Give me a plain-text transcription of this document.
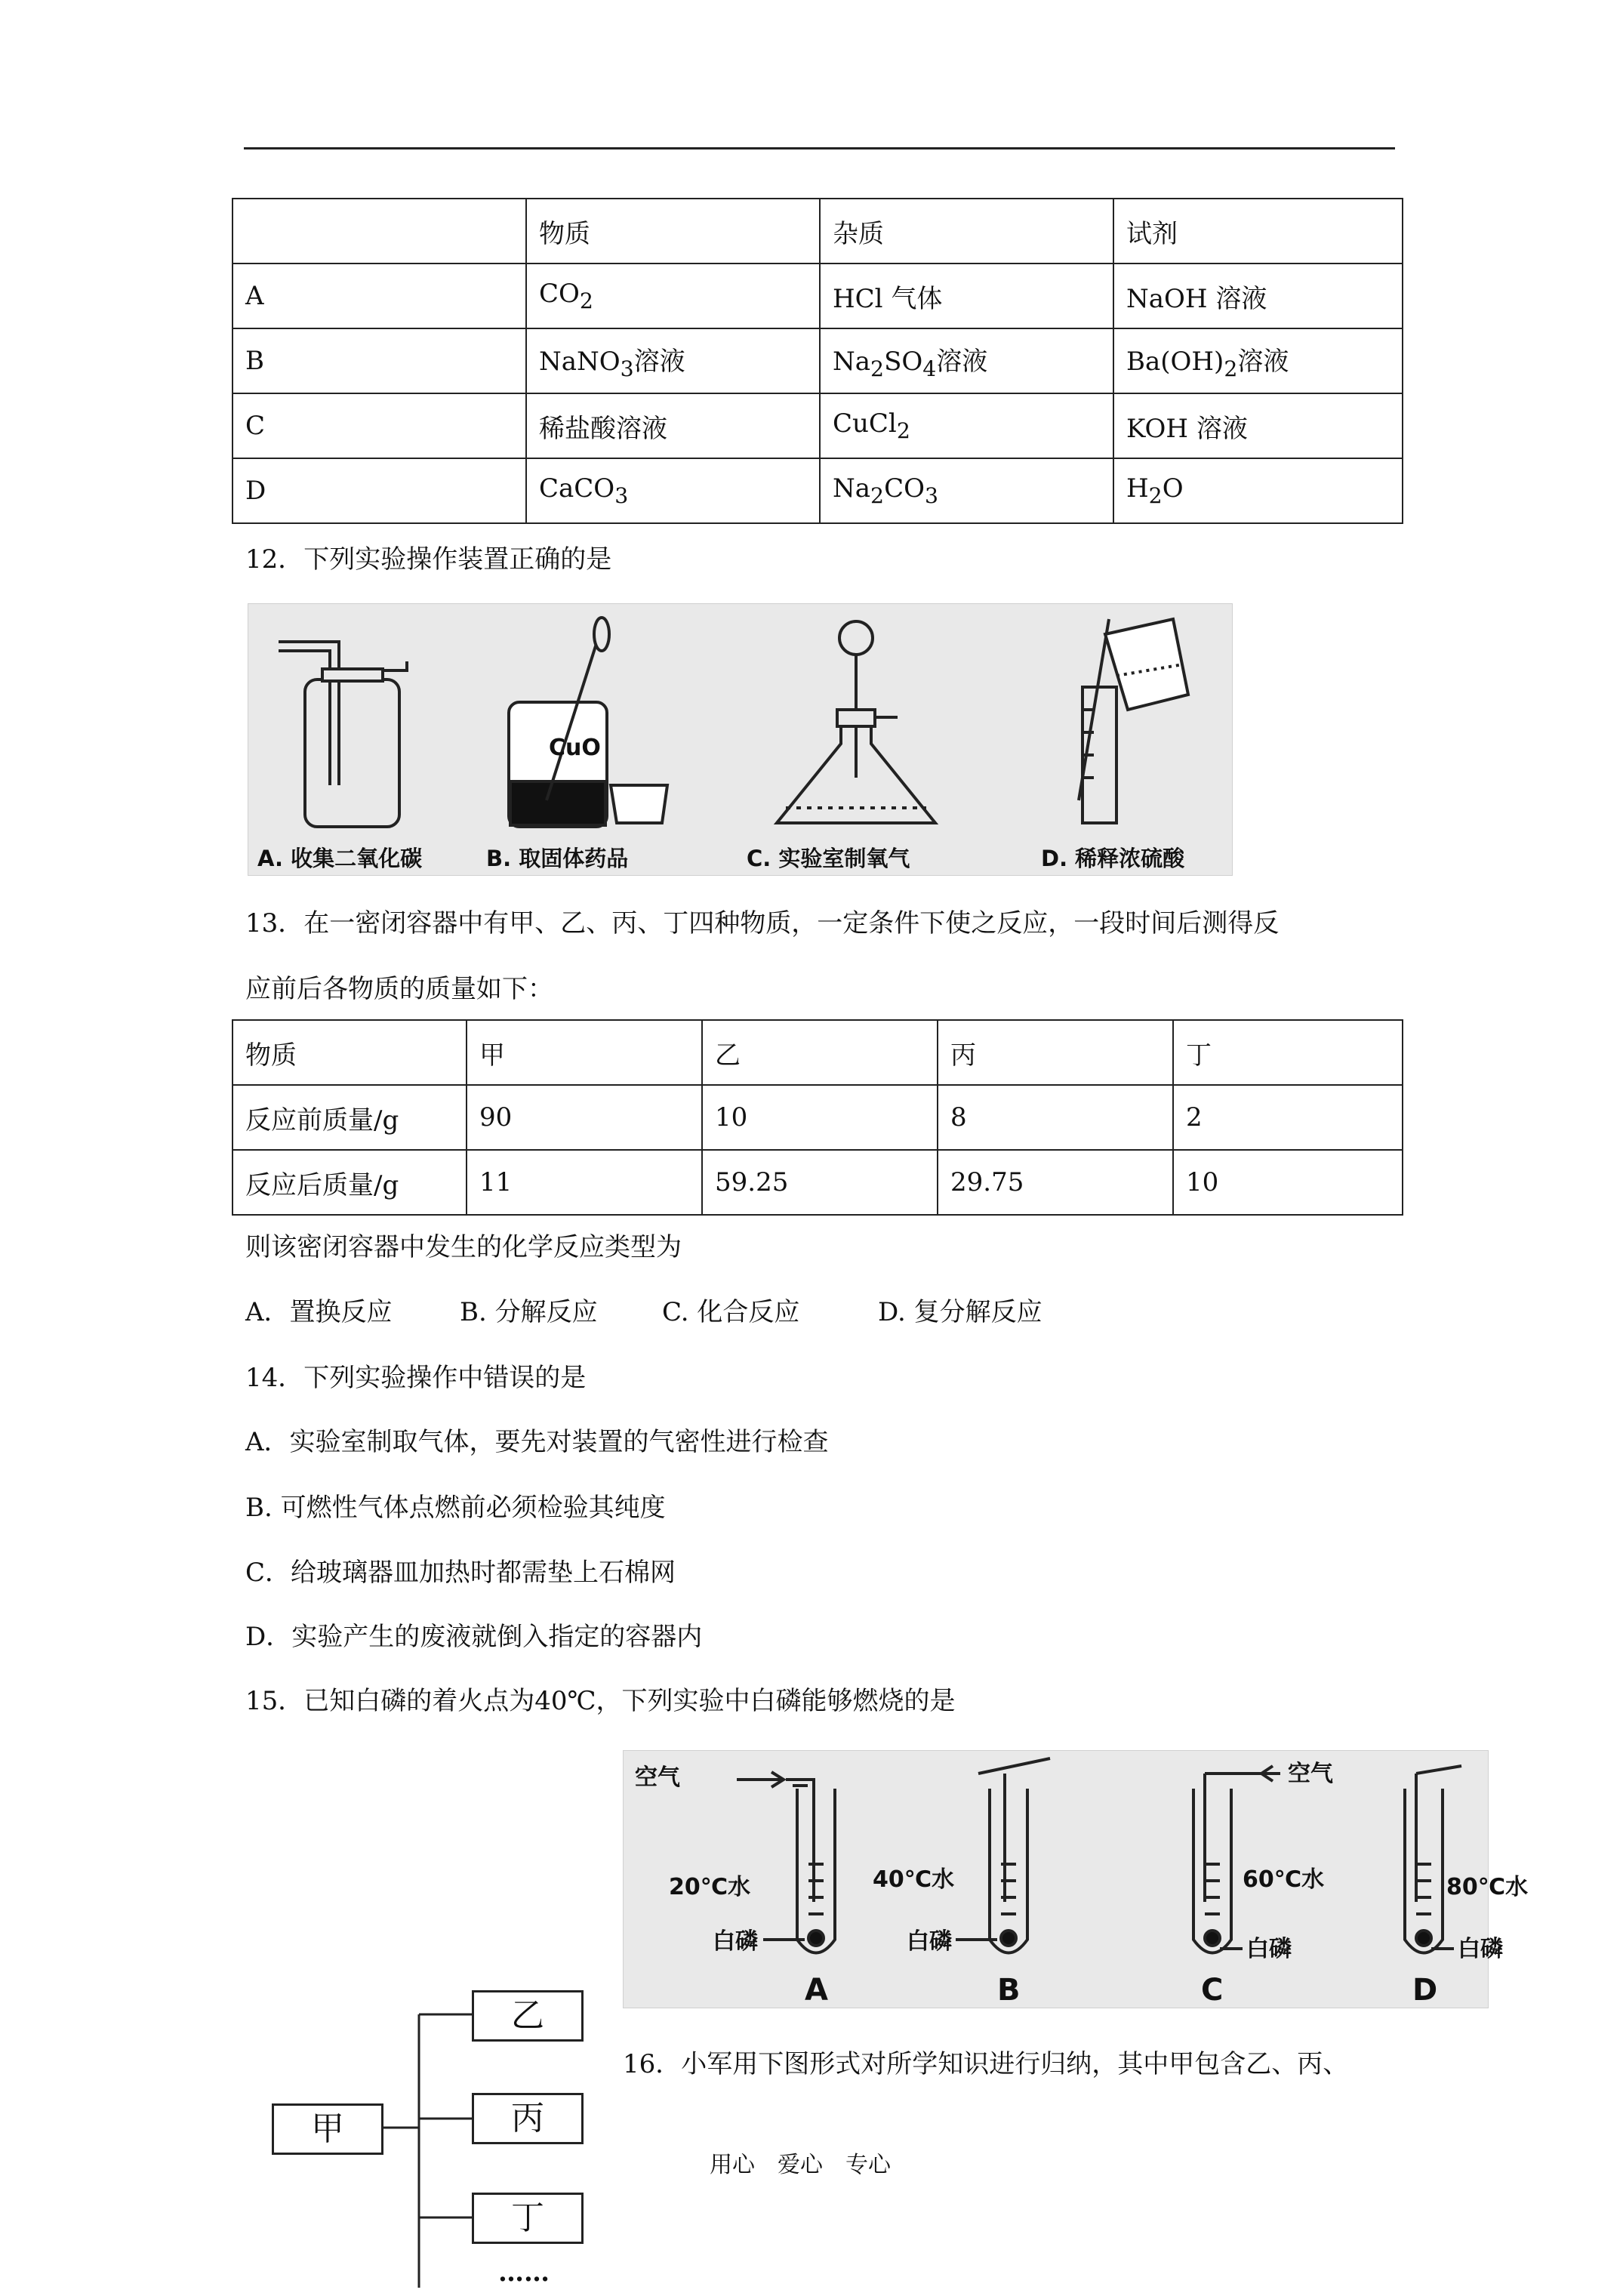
	物质	杂质	试剂
A	$CO_2$	HCl 气体	NaOH 溶液
B	NaNO$_3$溶液	$Na_2SO_4$溶液	$Ba(OH)_2$溶液
C	稀盐酸溶液	CuCl$_2$	KOH 溶液
D	CaCO$_3$	$Na_2CO_3$	$H_2O$
12．下列实验操作装置正确的是
CuO
A. 收集二氧化碳	B. 取固体药品	C. 实验室制氧气	D. 稀释浓硫酸
13．在一密闭容器中有甲、乙、丙、丁四种物质，一定条件下使之反应，一段时间后测得反
应前后各物质的质量如下：
物质	甲	乙	丙	丁
反应前质量/g	90	10	8	2
反应后质量/g	11	59.25	29.75	10
则该密闭容器中发生的化学反应类型为
A．置换反应	B. 分解反应	C. 化合反应	D. 复分解反应
14．下列实验操作中错误的是
A．实验室制取气体，要先对装置的气密性进行检查
B. 可燃性气体点燃前必须检验其纯度
C．给玻璃器皿加热时都需垫上石棉网
D．实验产生的废液就倒入指定的容器内
15．已知白磷的着火点为40℃，下列实验中白磷能够燃烧的是
空气	空气
20℃水	40℃水	60℃水	80℃水
白磷	白磷	白磷	白磷
A	B	C	D
甲
乙
丙
丁
……
16．小军用下图形式对所学知识进行归纳，其中甲包含乙、丙、
用心　爱心　专心
